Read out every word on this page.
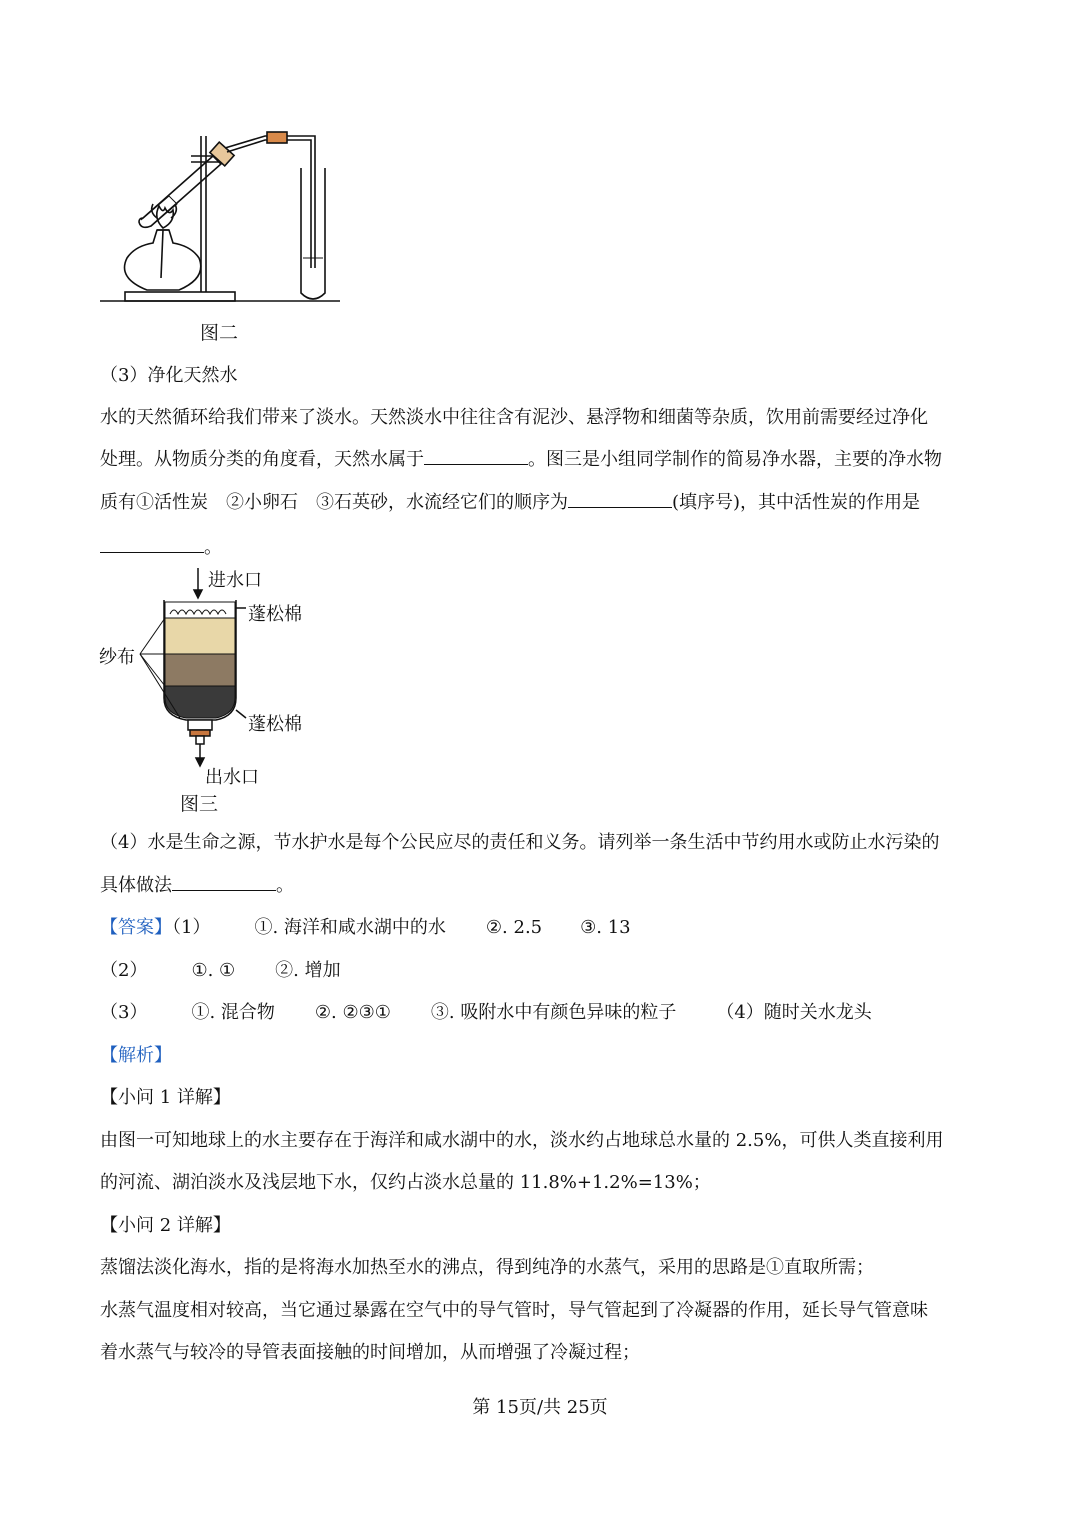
图二
（3）净化天然水
水的天然循环给我们带来了淡水。天然淡水中往往含有泥沙、悬浮物和细菌等杂质，饮用前需要经过净化
处理。从物质分类的角度看，天然水属于	。图三是小组同学制作的简易净水器，主要的净水物
质有①活性炭　②小卵石　③石英砂，水流经它们的顺序为	(填序号)，其中活性炭的作用是
。
进水口
蓬松棉
纱布
蓬松棉
出水口
图三
（4）水是生命之源，节水护水是每个公民应尽的责任和义务。请列举一条生活中节约用水或防止水污染的
具体做法	。
【答案】（1） ①. 海洋和咸水湖中的水 ②. 2.5 ③. 13
（2） ①. ① ②. 增加
（3） ①. 混合物 ②. ②③① ③. 吸附水中有颜色异味的粒子 （4）随时关水龙头
【解析】
【小问 1 详解】
由图一可知地球上的水主要存在于海洋和咸水湖中的水，淡水约占地球总水量的 2.5%，可供人类直接利用
的河流、湖泊淡水及浅层地下水，仅约占淡水总量的 11.8%+1.2%=13%；
【小问 2 详解】
蒸馏法淡化海水，指的是将海水加热至水的沸点，得到纯净的水蒸气，采用的思路是①直取所需；
水蒸气温度相对较高，当它通过暴露在空气中的导气管时，导气管起到了冷凝器的作用，延长导气管意味
着水蒸气与较冷的导管表面接触的时间增加，从而增强了冷凝过程；
第 15页/共 25页
